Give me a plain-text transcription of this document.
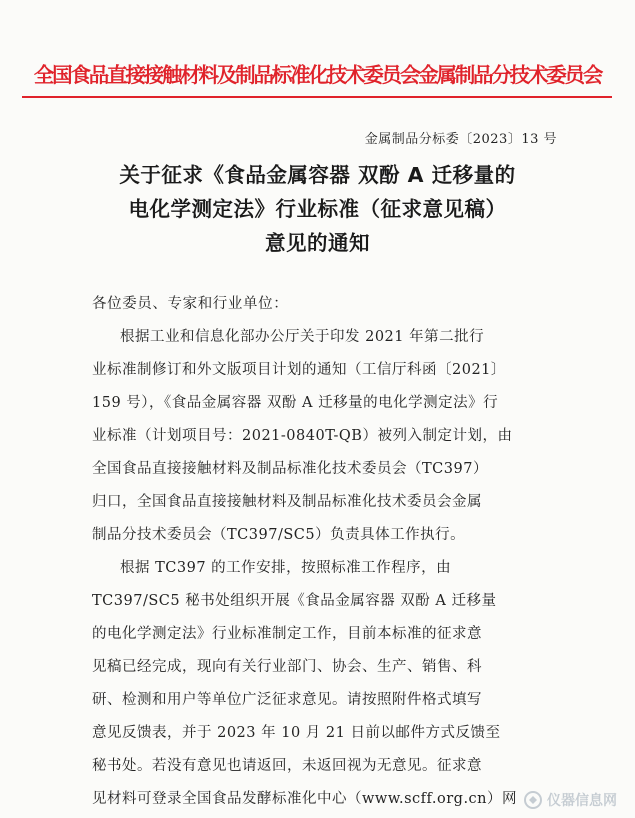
全国食品直接接触材料及制品标准化技术委员会金属制品分技术委员会
金属制品分标委〔2023〕13 号
关于征求《食品金属容器 双酚 A 迁移量的
电化学测定法》行业标准（征求意见稿）
意见的通知
各位委员、专家和行业单位：
根据工业和信息化部办公厅关于印发 2021 年第二批行
业标准制修订和外文版项目计划的通知（工信厅科函〔2021〕
159 号），《食品金属容器 双酚 A 迁移量的电化学测定法》行
业标准（计划项目号：2021-0840T-QB）被列入制定计划，由
全国食品直接接触材料及制品标准化技术委员会（TC397）
归口，全国食品直接接触材料及制品标准化技术委员会金属
制品分技术委员会（TC397/SC5）负责具体工作执行。
根据 TC397 的工作安排，按照标准工作程序，由
TC397/SC5 秘书处组织开展《食品金属容器 双酚 A 迁移量
的电化学测定法》行业标准制定工作，目前本标准的征求意
见稿已经完成，现向有关行业部门、协会、生产、销售、科
研、检测和用户等单位广泛征求意见。请按照附件格式填写
意见反馈表，并于 2023 年 10 月 21 日前以邮件方式反馈至
秘书处。若没有意见也请返回，未返回视为无意见。征求意
见材料可登录全国食品发酵标准化中心（www.scff.org.cn）网 仪器信息网
